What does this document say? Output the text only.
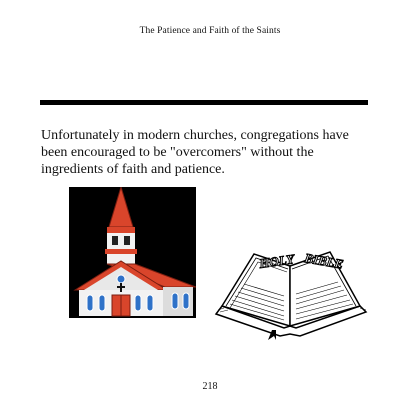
The Patience and Faith of the Saints

Unfortunately in modern churches, congregations have been encouraged to be "overcomers" without the ingredients of faith and patience.

HOLY BIBLE
218
